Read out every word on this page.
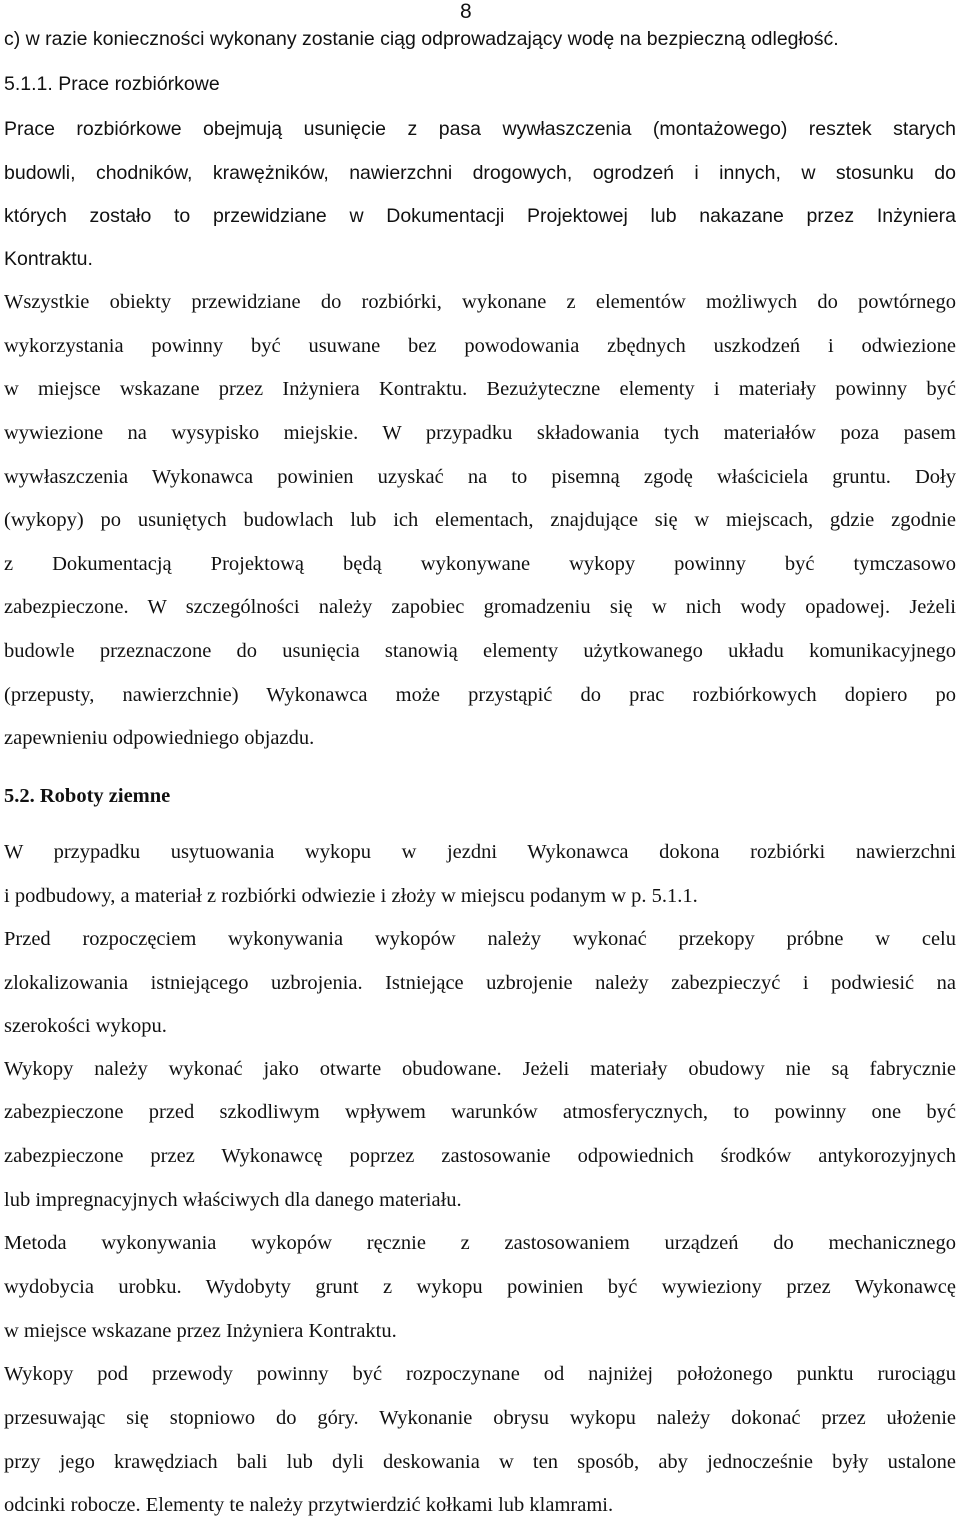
8
c) w razie konieczności wykonany zostanie ciąg odprowadzający wodę na bezpieczną odległość.
5.1.1. Prace rozbiórkowe
Prace rozbiórkowe obejmują usunięcie z pasa wywłaszczenia (montażowego) resztek starych
budowli, chodników, krawężników, nawierzchni drogowych, ogrodzeń i innych, w stosunku do
których zostało to przewidziane w Dokumentacji Projektowej lub nakazane przez Inżyniera
Kontraktu.
Wszystkie obiekty przewidziane do rozbiórki, wykonane z elementów możliwych do powtórnego
wykorzystania powinny być usuwane bez powodowania zbędnych uszkodzeń i odwiezione
w miejsce wskazane przez Inżyniera Kontraktu. Bezużyteczne elementy i materiały powinny być
wywiezione na wysypisko miejskie. W przypadku składowania tych materiałów poza pasem
wywłaszczenia Wykonawca powinien uzyskać na to pisemną zgodę właściciela gruntu. Doły
(wykopy) po usuniętych budowlach lub ich elementach, znajdujące się w miejscach, gdzie zgodnie
z Dokumentacją Projektową będą wykonywane wykopy powinny być tymczasowo
zabezpieczone. W szczególności należy zapobiec gromadzeniu się w nich wody opadowej. Jeżeli
budowle przeznaczone do usunięcia stanowią elementy użytkowanego układu komunikacyjnego
(przepusty, nawierzchnie) Wykonawca może przystąpić do prac rozbiórkowych dopiero po
zapewnieniu odpowiedniego objazdu.
5.2. Roboty ziemne
W przypadku usytuowania wykopu w jezdni Wykonawca dokona rozbiórki nawierzchni
i podbudowy, a materiał z rozbiórki odwiezie i złoży w miejscu podanym w p. 5.1.1.
Przed rozpoczęciem wykonywania wykopów należy wykonać przekopy próbne w celu
zlokalizowania istniejącego uzbrojenia. Istniejące uzbrojenie należy zabezpieczyć i podwiesić na
szerokości wykopu.
Wykopy należy wykonać jako otwarte obudowane. Jeżeli materiały obudowy nie są fabrycznie
zabezpieczone przed szkodliwym wpływem warunków atmosferycznych, to powinny one być
zabezpieczone przez Wykonawcę poprzez zastosowanie odpowiednich środków antykorozyjnych
lub impregnacyjnych właściwych dla danego materiału.
Metoda wykonywania wykopów ręcznie z zastosowaniem urządzeń do mechanicznego
wydobycia urobku. Wydobyty grunt z wykopu powinien być wywieziony przez Wykonawcę
w miejsce wskazane przez Inżyniera Kontraktu.
Wykopy pod przewody powinny być rozpoczynane od najniżej położonego punktu rurociągu
przesuwając się stopniowo do góry. Wykonanie obrysu wykopu należy dokonać przez ułożenie
przy jego krawędziach bali lub dyli deskowania w ten sposób, aby jednocześnie były ustalone
odcinki robocze. Elementy te należy przytwierdzić kołkami lub klamrami.
